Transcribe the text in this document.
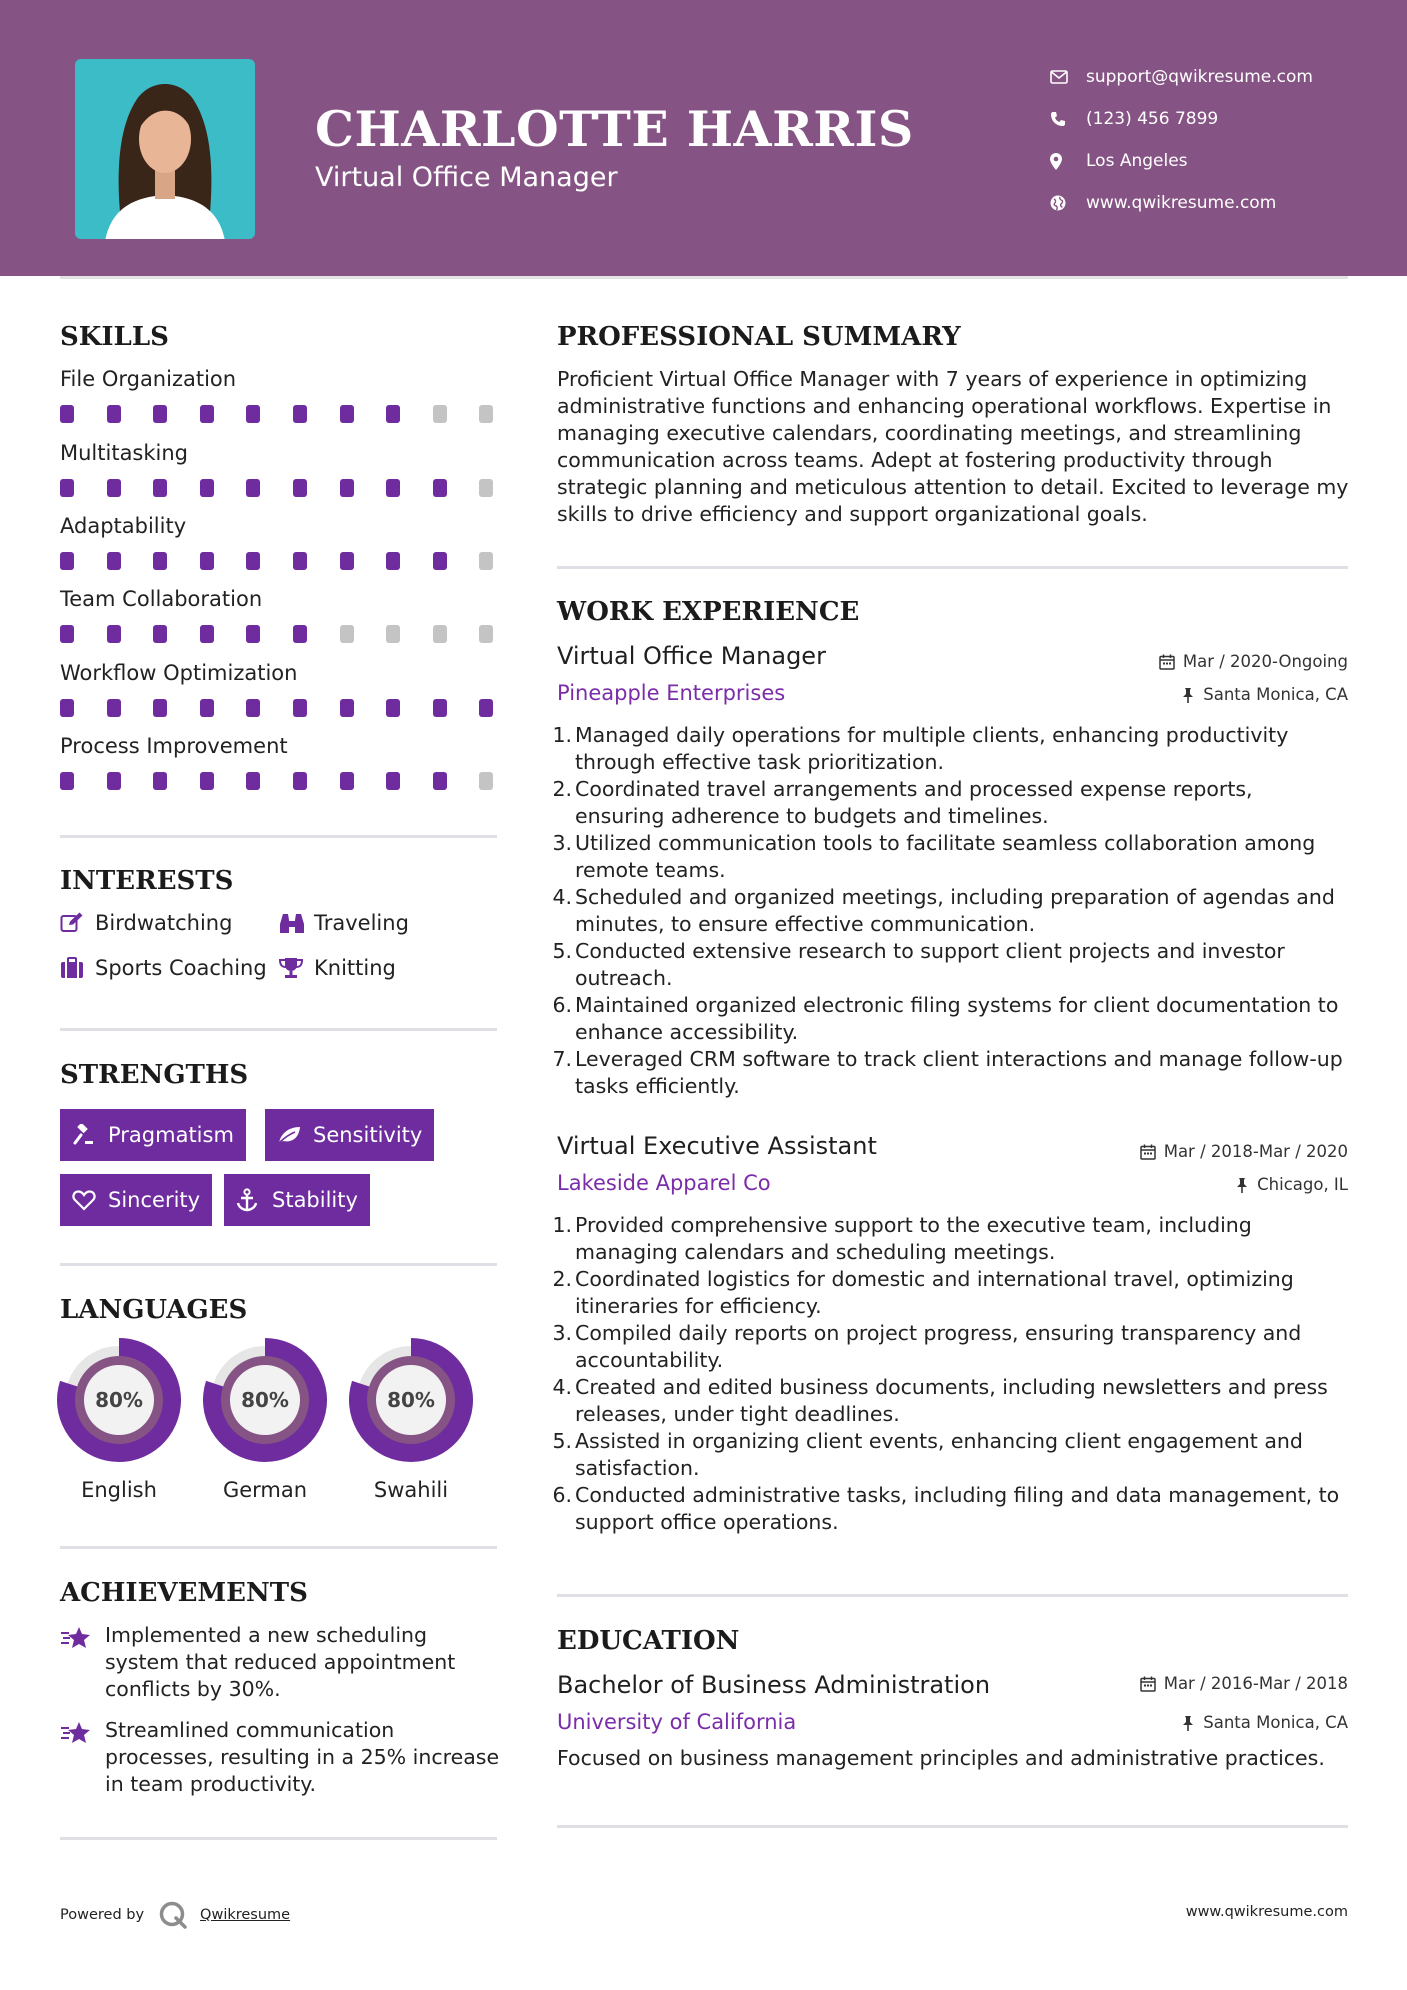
CHARLOTTE HARRIS
Virtual Office Manager
support@qwikresume.com
(123) 456 7899
Los Angeles
www.qwikresume.com
SKILLS
File Organization
Multitasking
Adaptability
Team Collaboration
Workflow Optimization
Process Improvement
INTERESTS
Birdwatching	Traveling
Sports Coaching Knitting
STRENGTHS
Pragmatism	Sensitivity
Sincerity	Stability
LANGUAGES
80%
English
80%
German
80%
Swahili
ACHIEVEMENTS
Implemented a new scheduling system that reduced appointment conflicts by 30%.
Streamlined communication processes, resulting in a 25% increase in team productivity.
PROFESSIONAL SUMMARY
Proficient Virtual Office Manager with 7 years of experience in optimizing administrative functions and enhancing operational workflows. Expertise in managing executive calendars, coordinating meetings, and streamlining communication across teams. Adept at fostering productivity through strategic planning and meticulous attention to detail. Excited to leverage my skills to drive efficiency and support organizational goals.
WORK EXPERIENCE
Virtual Office Manager	Mar / 2020-Ongoing
Pineapple Enterprises	Santa Monica, CA
1. Managed daily operations for multiple clients, enhancing productivity through effective task prioritization.
2. Coordinated travel arrangements and processed expense reports, ensuring adherence to budgets and timelines.
3. Utilized communication tools to facilitate seamless collaboration among remote teams.
4. Scheduled and organized meetings, including preparation of agendas and minutes, to ensure effective communication.
5. Conducted extensive research to support client projects and investor outreach.
6. Maintained organized electronic filing systems for client documentation to enhance accessibility.
7. Leveraged CRM software to track client interactions and manage follow-up tasks efficiently.
Virtual Executive Assistant	Mar / 2018-Mar / 2020
Lakeside Apparel Co	Chicago, IL
1. Provided comprehensive support to the executive team, including managing calendars and scheduling meetings.
2. Coordinated logistics for domestic and international travel, optimizing itineraries for efficiency.
3. Compiled daily reports on project progress, ensuring transparency and accountability.
4. Created and edited business documents, including newsletters and press releases, under tight deadlines.
5. Assisted in organizing client events, enhancing client engagement and satisfaction.
6. Conducted administrative tasks, including filing and data management, to support office operations.
EDUCATION
Bachelor of Business Administration	Mar / 2016-Mar / 2018
University of California	Santa Monica, CA
Focused on business management principles and administrative practices.
Powered by	Qwikresume	www.qwikresume.com
